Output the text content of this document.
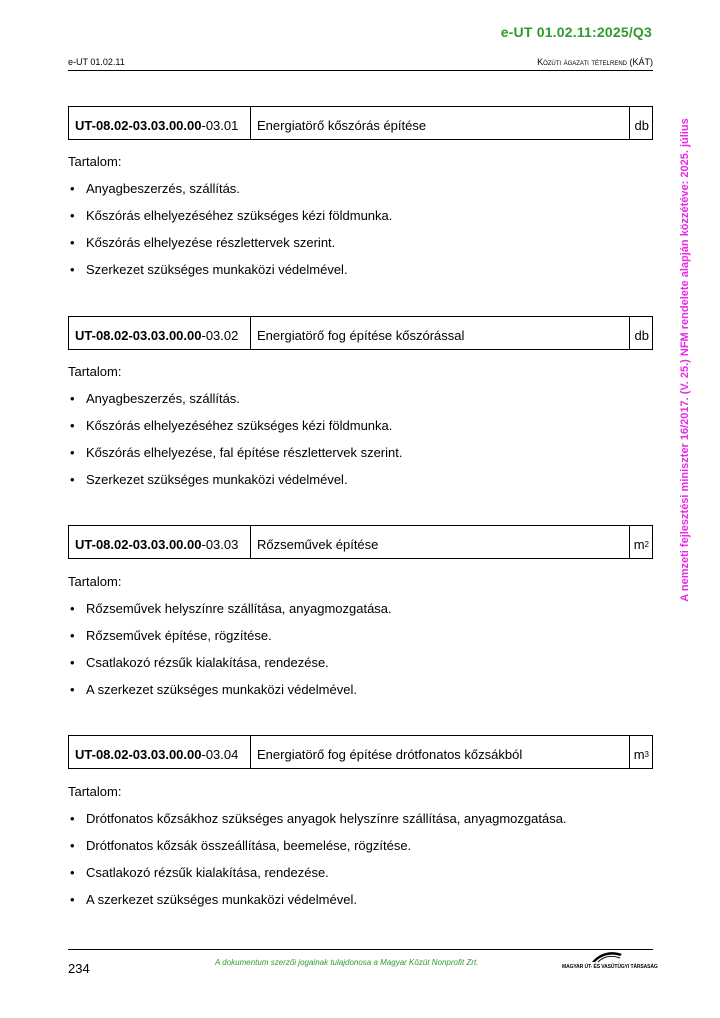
e-UT 01.02.11:2025/Q3
e-UT 01.02.11	Közúti ágazati tételrend (KÁT)
A nemzeti fejlesztési miniszter 16/2017. (V. 25.) NFM rendelete alapján közzétéve: 2025. július
UT-08.02-03.03.00.00 -03.01	Energiatörő kőszórás építése	db
Tartalom:
• Anyagbeszerzés, szállítás.
• Kőszórás elhelyezéséhez szükséges kézi földmunka.
• Kőszórás elhelyezése részlettervek szerint.
• Szerkezet szükséges munkaközi védelmével.
UT-08.02-03.03.00.00 -03.02	Energiatörő fog építése kőszórással	db
Tartalom:
• Anyagbeszerzés, szállítás.
• Kőszórás elhelyezéséhez szükséges kézi földmunka.
• Kőszórás elhelyezése, fal építése részlettervek szerint.
• Szerkezet szükséges munkaközi védelmével.
UT-08.02-03.03.00.00 -03.03	Rőzseművek építése	$m^2$
Tartalom:
• Rőzseművek helyszínre szállítása, anyagmozgatása.
• Rőzseművek építése, rögzítése.
• Csatlakozó rézsűk kialakítása, rendezése.
• A szerkezet szükséges munkaközi védelmével.
UT-08.02-03.03.00.00 -03.04	Energiatörő fog építése drótfonatos kőzsákból	$m^3$
Tartalom:
• Drótfonatos kőzsákhoz szükséges anyagok helyszínre szállítása, anyagmozgatása.
• Drótfonatos kőzsák összeállítása, beemelése, rögzítése.
• Csatlakozó rézsűk kialakítása, rendezése.
• A szerkezet szükséges munkaközi védelmével.
234	A dokumentum szerzői jogainak tulajdonosa a Magyar Közút Nonprofit Zrt.	MAGYAR ÚT- ÉS VASÚTÜGYI TÁRSASÁG
